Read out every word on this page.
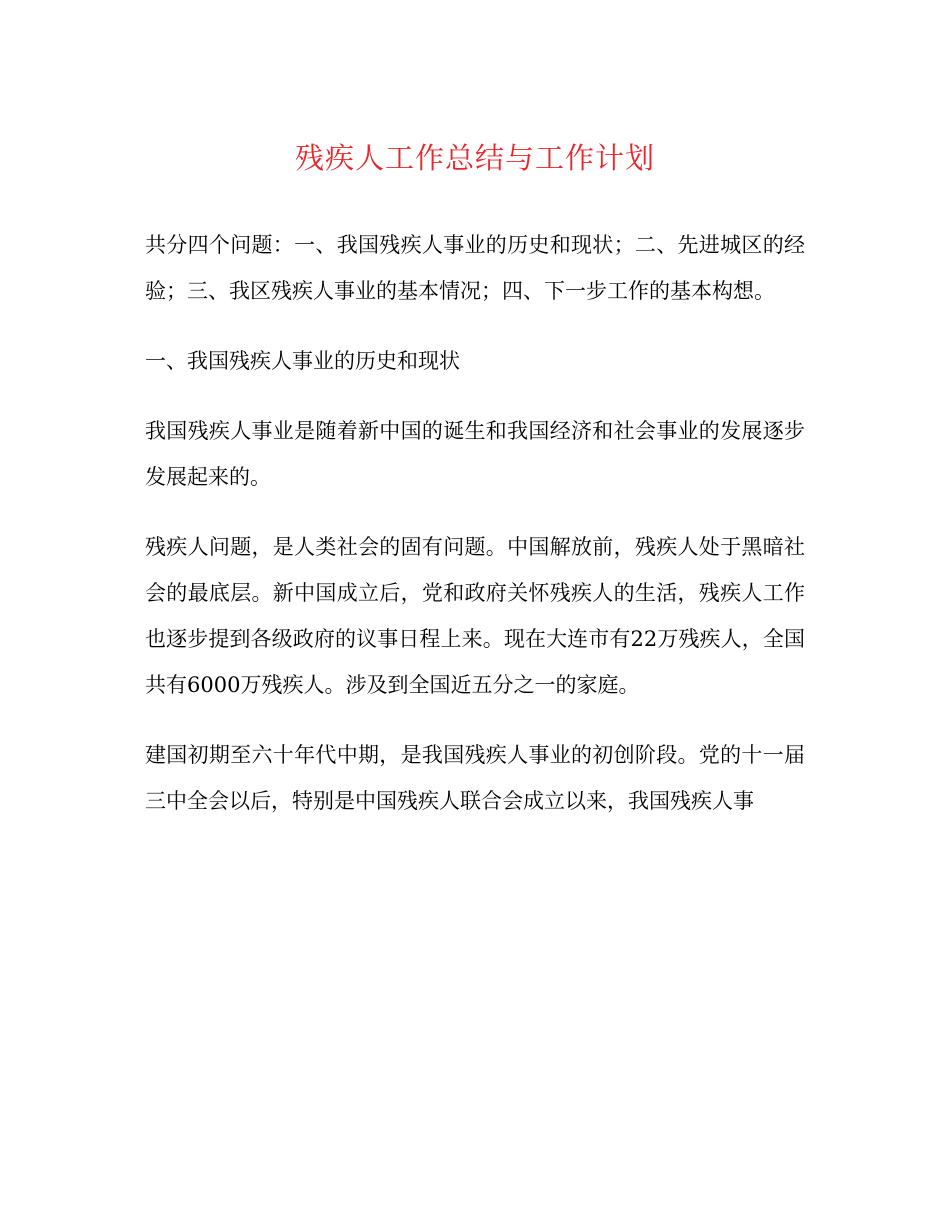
残疾人工作总结与工作计划

共分四个问题：一、我国残疾人事业的历史和现状；二、先进城区的经验；三、我区残疾人事业的基本情况；四、下一步工作的基本构想。

一、我国残疾人事业的历史和现状

我国残疾人事业是随着新中国的诞生和我国经济和社会事业的发展逐步发展起来的。

残疾人问题，是人类社会的固有问题。中国解放前，残疾人处于黑暗社会的最底层。新中国成立后，党和政府关怀残疾人的生活，残疾人工作也逐步提到各级政府的议事日程上来。现在大连市有22万残疾人，全国共有6000万残疾人。涉及到全国近五分之一的家庭。

建国初期至六十年代中期，是我国残疾人事业的初创阶段。党的十一届三中全会以后，特别是中国残疾人联合会成立以来，我国残疾人事
